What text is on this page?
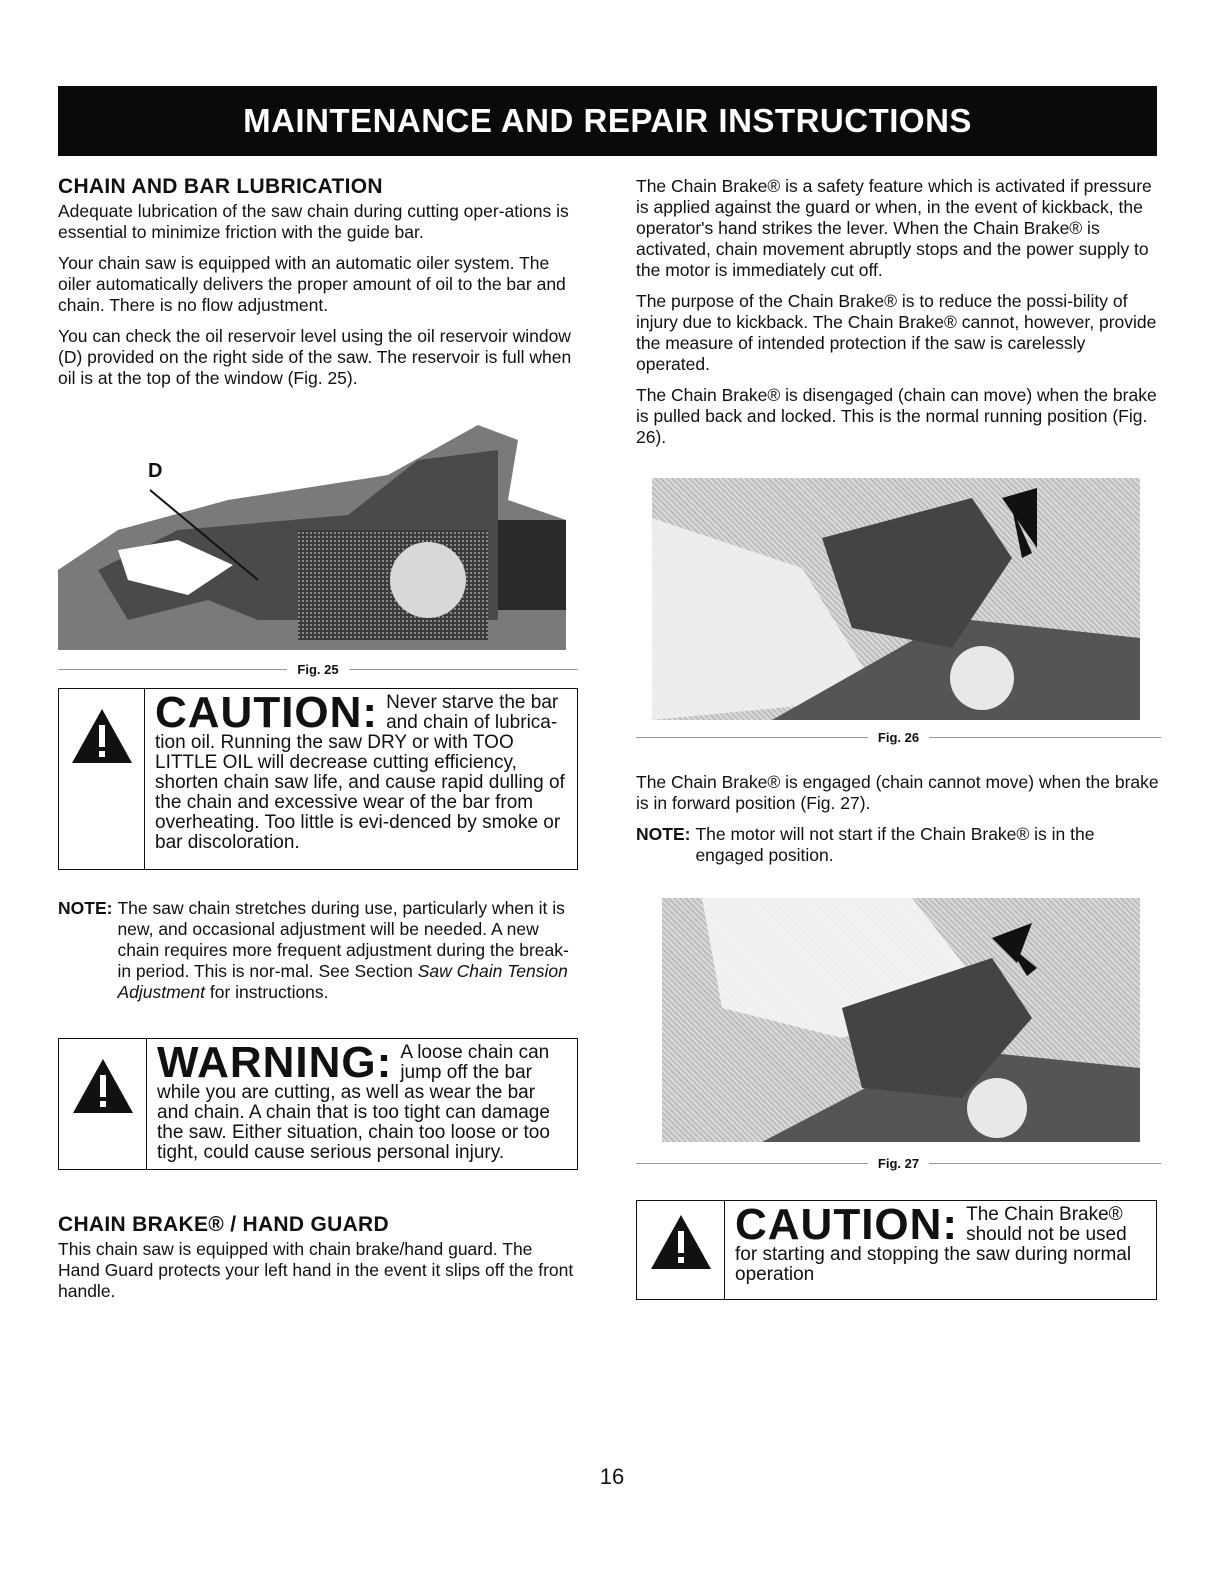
MAINTENANCE AND REPAIR INSTRUCTIONS
CHAIN AND BAR LUBRICATION

Adequate lubrication of the saw chain during cutting oper-ations is essential to minimize friction with the guide bar.

Your chain saw is equipped with an automatic oiler system. The oiler automatically delivers the proper amount of oil to the bar and chain. There is no flow adjustment.

You can check the oil reservoir level using the oil reservoir window (D) provided on the right side of the saw. The reservoir is full when oil is at the top of the window (Fig. 25).

D
Fig. 25
CAUTION: Never starve the bar and chain of lubrica-tion oil. Running the saw DRY or with TOO LITTLE OIL will decrease cutting efficiency, shorten chain saw life, and cause rapid dulling of the chain and excessive wear of the bar from overheating. Too little is evi-denced by smoke or bar discoloration.
NOTE: The saw chain stretches during use, particularly when it is new, and occasional adjustment will be needed. A new chain requires more frequent adjustment during the break-in period. This is nor-mal. See Section Saw Chain Tension Adjustment for instructions.
WARNING: A loose chain can jump off the bar while you are cutting, as well as wear the bar and chain. A chain that is too tight can damage the saw. Either situation, chain too loose or too tight, could cause serious personal injury.
CHAIN BRAKE® / HAND GUARD

This chain saw is equipped with chain brake/hand guard. The Hand Guard protects your left hand in the event it slips off the front handle.

The Chain Brake® is a safety feature which is activated if pressure is applied against the guard or when, in the event of kickback, the operator's hand strikes the lever. When the Chain Brake® is activated, chain movement abruptly stops and the power supply to the motor is immediately cut off.

The purpose of the Chain Brake® is to reduce the possi-bility of injury due to kickback. The Chain Brake® cannot, however, provide the measure of intended protection if the saw is carelessly operated.

The Chain Brake® is disengaged (chain can move) when the brake is pulled back and locked. This is the normal running position (Fig. 26).

Fig. 26

The Chain Brake® is engaged (chain cannot move) when the brake is in forward position (Fig. 27).

NOTE: The motor will not start if the Chain Brake® is in the engaged position.
Fig. 27
CAUTION: The Chain Brake® should not be used for starting and stopping the saw during normal operation
16
